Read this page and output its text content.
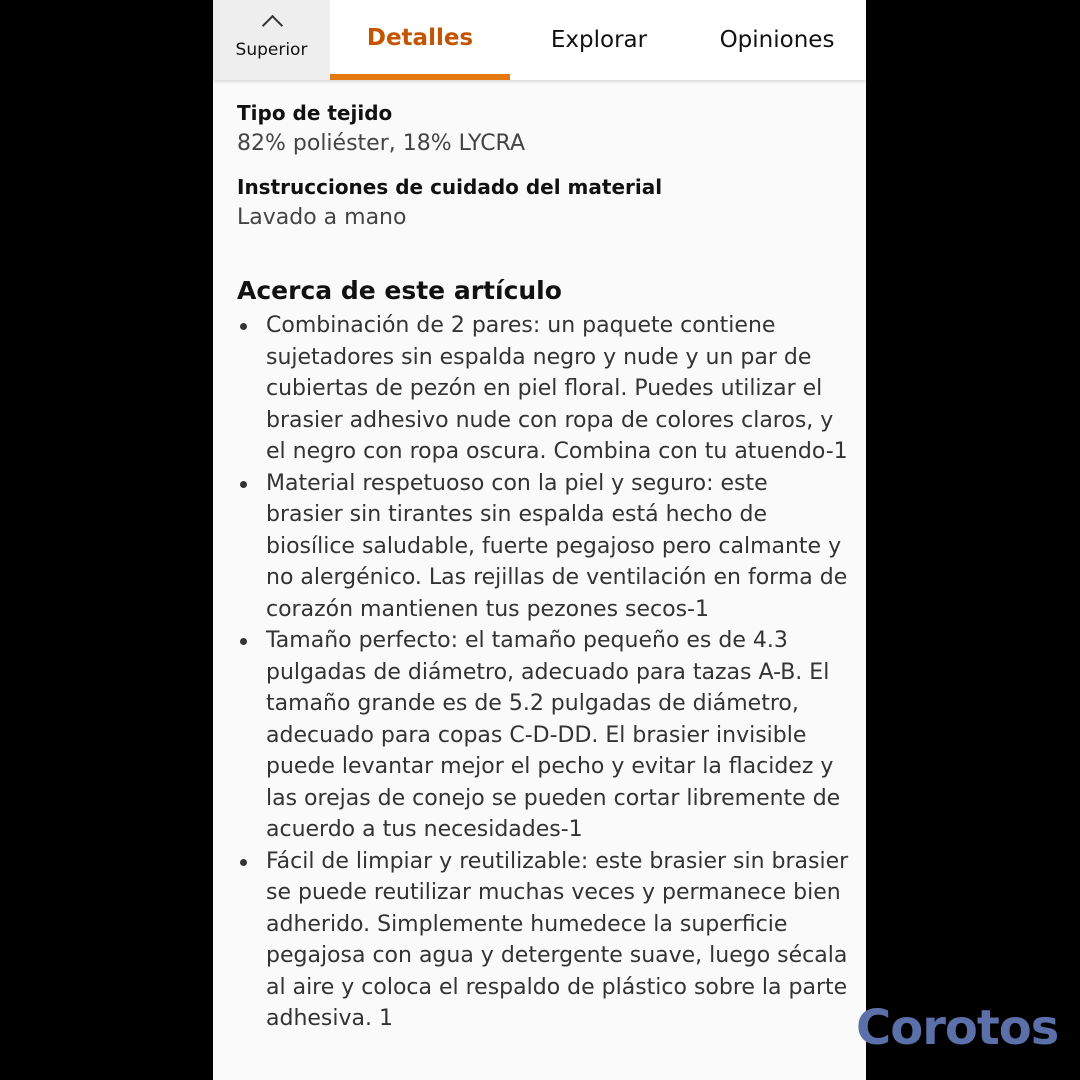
Superior	Detalles	Explorar	Opiniones

Tipo de tejido

82% poliéster, 18% LYCRA

Instrucciones de cuidado del material

Lavado a mano

Acerca de este artículo
Combinación de 2 pares: un paquete contiene sujetadores sin espalda negro y nude y un par de cubiertas de pezón en piel floral. Puedes utilizar el brasier adhesivo nude con ropa de colores claros, y el negro con ropa oscura. Combina con tu atuendo-1
Material respetuoso con la piel y seguro: este brasier sin tirantes sin espalda está hecho de biosílice saludable, fuerte pegajoso pero calmante y no alergénico. Las rejillas de ventilación en forma de corazón mantienen tus pezones secos-1
Tamaño perfecto: el tamaño pequeño es de 4.3 pulgadas de diámetro, adecuado para tazas A-B. El tamaño grande es de 5.2 pulgadas de diámetro, adecuado para copas C-D-DD. El brasier invisible puede levantar mejor el pecho y evitar la flacidez y las orejas de conejo se pueden cortar libremente de acuerdo a tus necesidades-1
Fácil de limpiar y reutilizable: este brasier sin brasier se puede reutilizar muchas veces y permanece bien adherido. Simplemente humedece la superficie pegajosa con agua y detergente suave, luego sécala al aire y coloca el respaldo de plástico sobre la parte adhesiva. 1	Corotos
